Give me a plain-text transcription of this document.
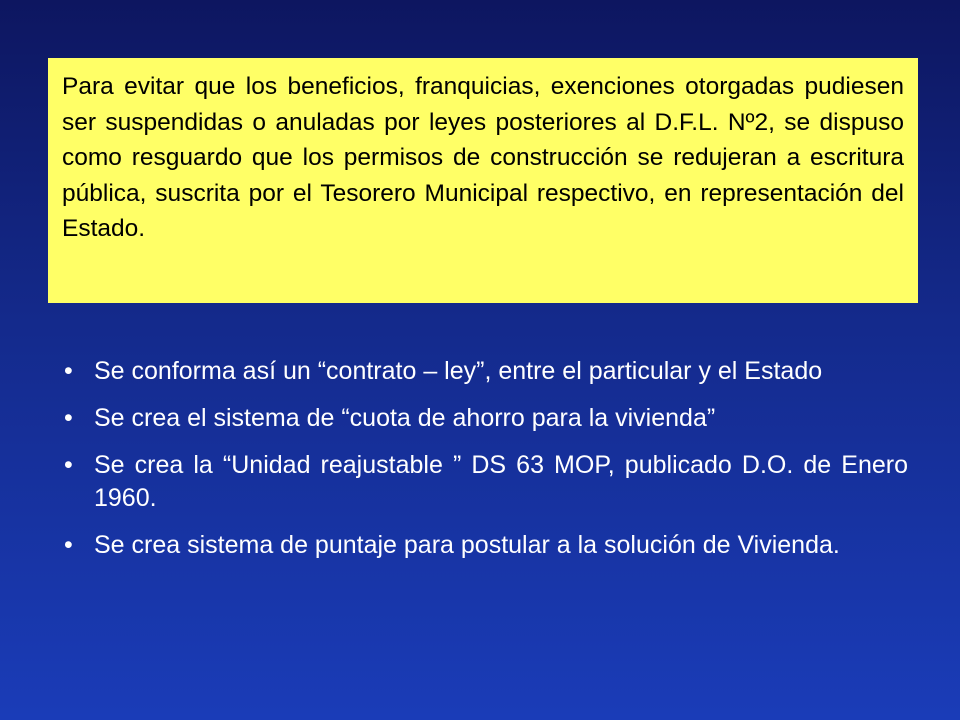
Para evitar que los beneficios, franquicias, exenciones otorgadas pudiesen ser suspendidas o anuladas por leyes posteriores al D.F.L. Nº2, se dispuso como resguardo que los permisos de construcción se redujeran a escritura pública, suscrita por el Tesorero Municipal respectivo, en representación del Estado.
• Se conforma así un “contrato – ley”, entre el particular y el Estado
• Se crea el sistema de “cuota de ahorro para la vivienda”
• Se crea la “Unidad reajustable ” DS 63 MOP, publicado D.O. de Enero 1960.
• Se crea sistema de puntaje para postular a la solución de Vivienda.
